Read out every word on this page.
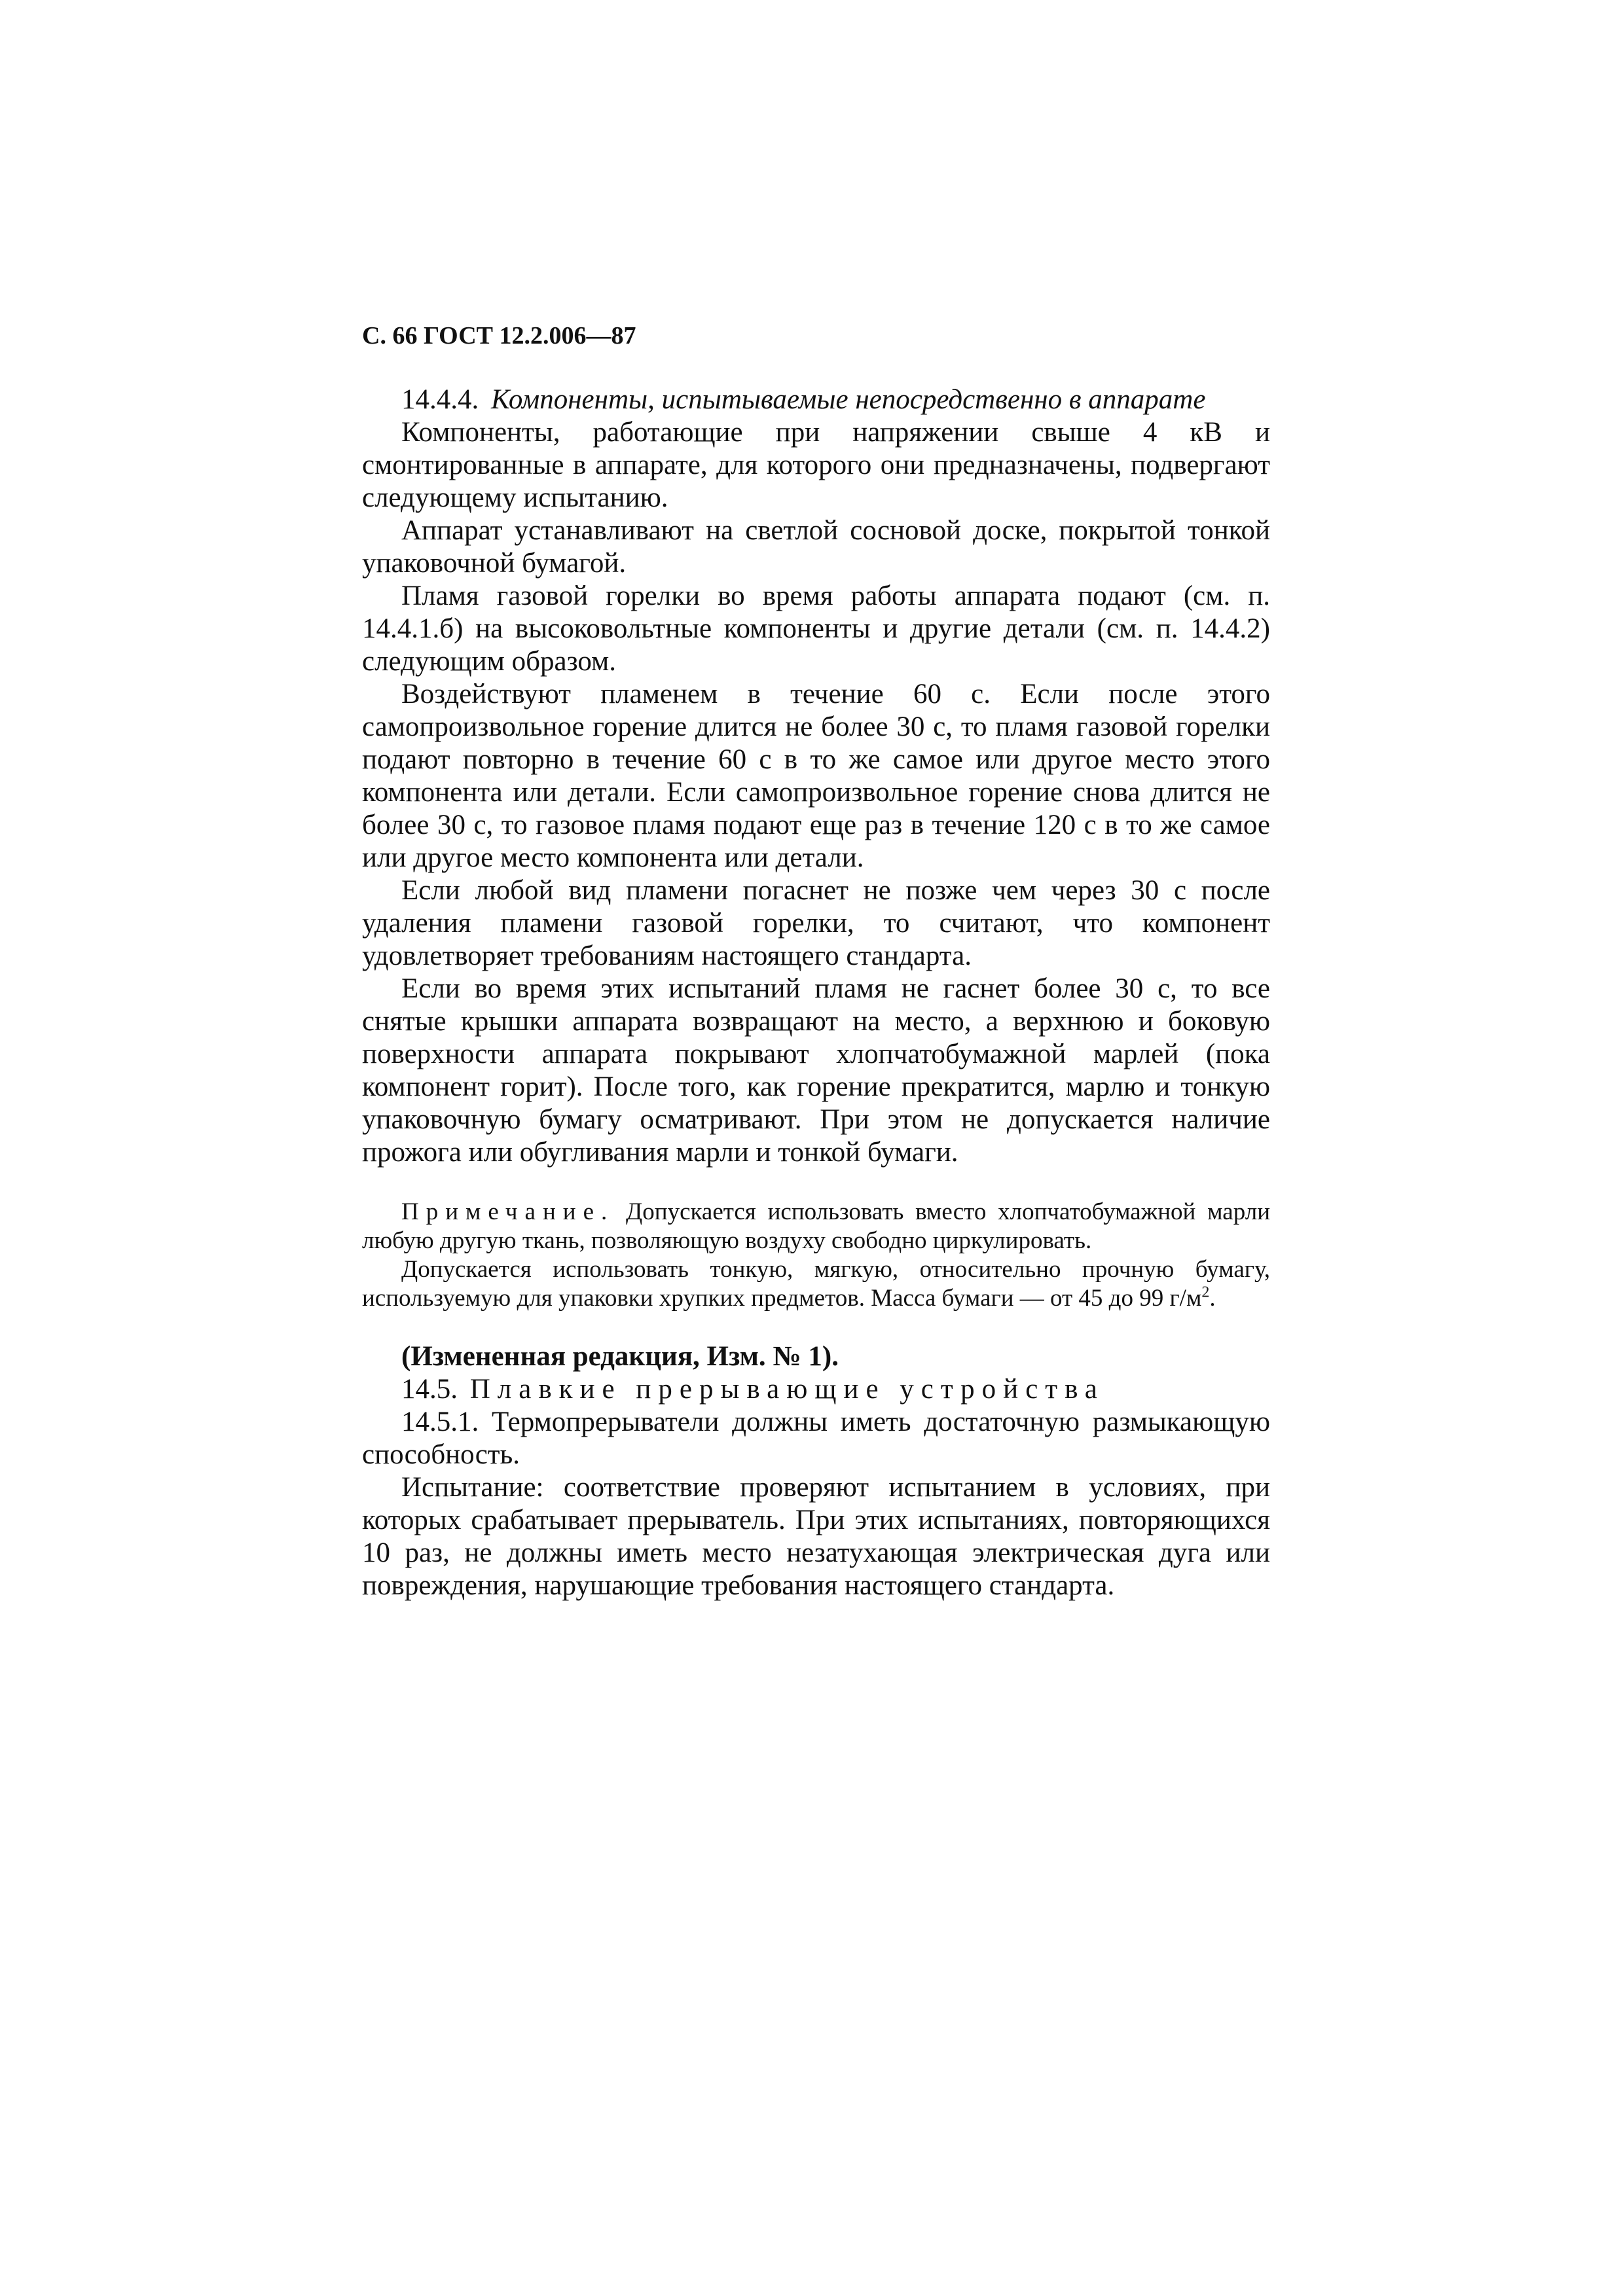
С. 66 ГОСТ 12.2.006—87

14.4.4. Компоненты, испытываемые непосредственно в аппарате

Компоненты, работающие при напряжении свыше 4 кВ и смонтированные в аппарате, для которого они предназначены, подвергают следующему испытанию.

Аппарат устанавливают на светлой сосновой доске, покрытой тонкой упаковочной бумагой.

Пламя газовой горелки во время работы аппарата подают (см. п. 14.4.1.б) на высоковольтные компоненты и другие детали (см. п. 14.4.2) следующим образом.

Воздействуют пламенем в течение 60 с. Если после этого самопроизвольное горение длится не более 30 с, то пламя газовой горелки подают повторно в течение 60 с в то же самое или другое место этого компонента или детали. Если самопроизвольное горение снова длится не более 30 с, то газовое пламя подают еще раз в течение 120 с в то же самое или другое место компонента или детали.

Если любой вид пламени погаснет не позже чем через 30 с после удаления пламени газовой горелки, то считают, что компонент удовлетворяет требованиям настоящего стандарта.

Если во время этих испытаний пламя не гаснет более 30 с, то все снятые крышки аппарата возвращают на место, а верхнюю и боковую поверхности аппарата покрывают хлопчатобумажной марлей (пока компонент горит). После того, как горение прекратится, марлю и тонкую упаковочную бумагу осматривают. При этом не допускается наличие прожога или обугливания марли и тонкой бумаги.

Примечание. Допускается использовать вместо хлопчатобумажной марли любую другую ткань, позволяющую воздуху свободно циркулировать.

Допускается использовать тонкую, мягкую, относительно прочную бумагу, используемую для упаковки хрупких предметов. Масса бумаги — от 45 до 99 $г/м^2$.

(Измененная редакция, Изм. № 1).

14.5. Плавкие прерывающие устройства

14.5.1. Термопрерыватели должны иметь достаточную размыкающую способность.

Испытание: соответствие проверяют испытанием в условиях, при которых срабатывает прерыватель. При этих испытаниях, повторяющихся 10 раз, не должны иметь место незатухающая электрическая дуга или повреждения, нарушающие требования настоящего стандарта.
